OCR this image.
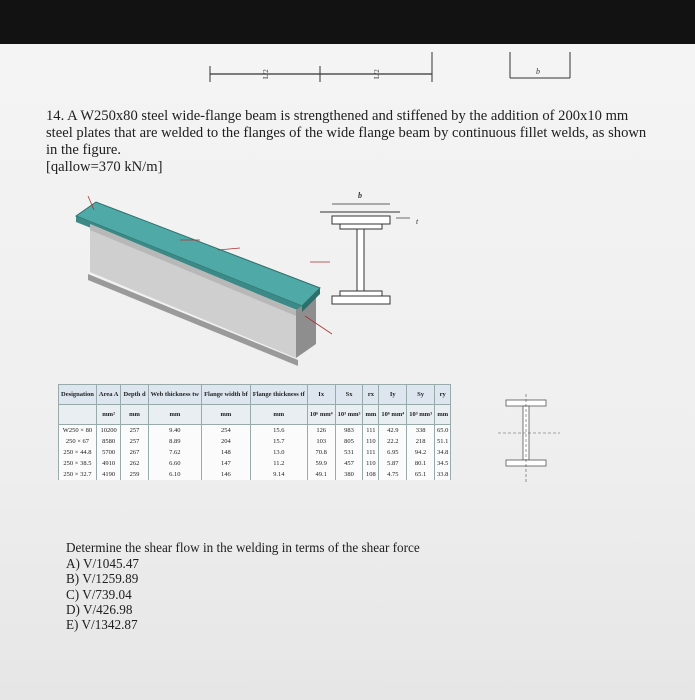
L/2	L/2	b
14. A W250x80 steel wide-flange beam is strengthened and stiffened by the addition of 200x10 mm steel plates that are welded to the flanges of the wide flange beam by continuous fillet welds, as shown in the figure.
[qallow=370 kN/m]
b
t
Designation	Area A	Depth d	Web thickness tw	Flange width bf	Flange thickness tf	Ix	Sx	rx	Iy	Sy	ry
	mm²	mm	mm	mm	mm	10⁶ mm⁴	10³ mm³	mm	10⁶ mm⁴	10³ mm³	mm
W250 × 80	10200	257	9.40	254	15.6	126	983	111	42.9	338	65.0
250 × 67	8580	257	8.89	204	15.7	103	805	110	22.2	218	51.1
250 × 44.8	5700	267	7.62	148	13.0	70.8	531	111	6.95	94.2	34.8
250 × 38.5	4910	262	6.60	147	11.2	59.9	457	110	5.87	80.1	34.5
250 × 32.7	4190	259	6.10	146	9.14	49.1	380	108	4.75	65.1	33.8
Determine the shear flow in the welding in terms of the shear force
A) V/1045.47
B) V/1259.89
C) V/739.04
D) V/426.98
E) V/1342.87
